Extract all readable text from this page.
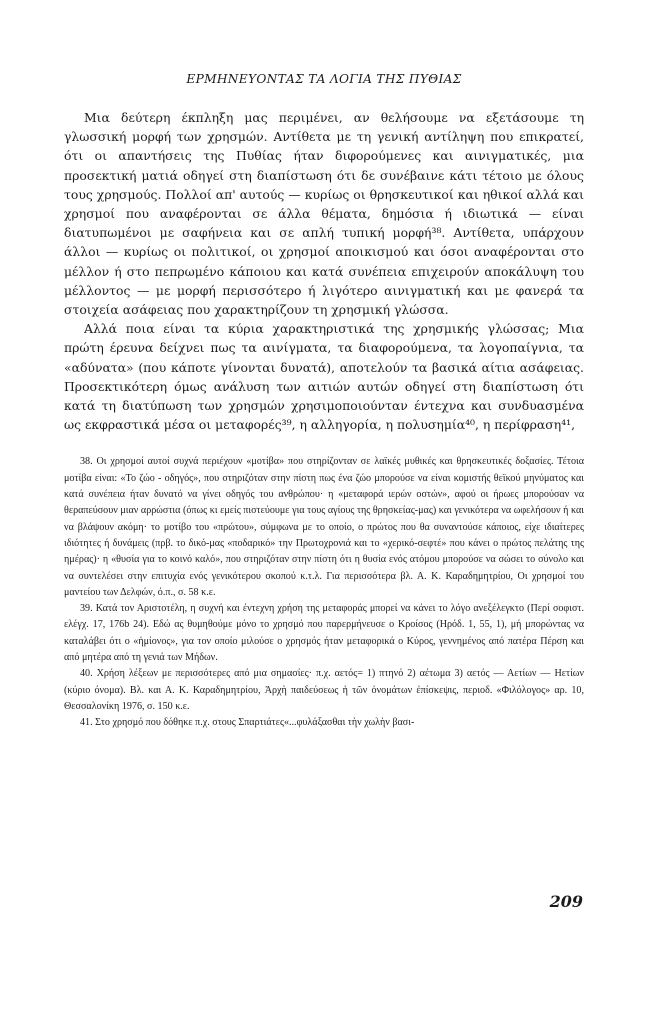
ΕΡΜΗΝΕΥΟΝΤΑΣ ΤΑ ΛΟΓΙΑ ΤΗΣ ΠΥΘΙΑΣ

Μια δεύτερη έκπληξη μας περιμένει, αν θελήσουμε να εξετάσουμε τη γλωσσική μορφή των χρησμών. Αντίθετα με τη γενική αντίληψη που επικρατεί, ότι οι απαντήσεις της Πυθίας ήταν διφορούμενες και αινιγματικές, μια προσεκτική ματιά οδηγεί στη διαπίστωση ότι δε συνέβαινε κάτι τέτοιο με όλους τους χρησμούς. Πολλοί απ' αυτούς — κυρίως οι θρησκευτικοί και ηθικοί αλλά και χρησμοί που αναφέρονται σε άλλα θέματα, δημόσια ή ιδιωτικά — είναι διατυπωμένοι με σαφήνεια και σε απλή τυπική μορφή³⁸. Αντίθετα, υπάρχουν άλλοι — κυρίως οι πολιτικοί, οι χρησμοί αποικισμού και όσοι αναφέρονται στο μέλλον ή στο πεπρωμένο κάποιου και κατά συνέπεια επιχειρούν αποκάλυψη του μέλλοντος — με μορφή περισσότερο ή λιγότερο αινιγματική και με φανερά τα στοιχεία ασάφειας που χαρακτηρίζουν τη χρησμική γλώσσα.

Αλλά ποια είναι τα κύρια χαρακτηριστικά της χρησμικής γλώσσας; Μια πρώτη έρευνα δείχνει πως τα αινίγματα, τα διαφορούμενα, τα λογοπαίγνια, τα «αδύνατα» (που κάποτε γίνονται δυνατά), αποτελούν τα βασικά αίτια ασάφειας. Προσεκτικότερη όμως ανάλυση των αιτιών αυτών οδηγεί στη διαπίστωση ότι κατά τη διατύπωση των χρησμών χρησιμοποιούνταν έντεχνα και συνδυασμένα ως εκφραστικά μέσα οι μεταφορές³⁹, η αλληγορία, η πολυσημία⁴⁰, η περίφραση⁴¹,

38. Οι χρησμοί αυτοί συχνά περιέχουν «μοτίβα» που στηρίζονταν σε λαϊκές μυθικές και θρησκευτικές δοξασίες. Τέτοια μοτίβα είναι: «Το ζώο - οδηγός», που στηριζόταν στην πίστη πως ένα ζώο μπορούσε να είναι κομιστής θεϊκού μηνύματος και κατά συνέπεια ήταν δυνατό να γίνει οδηγός του ανθρώπου· η «μεταφορά ιερών οστών», αφού οι ήρωες μπορούσαν να θεραπεύσουν μιαν αρρώστια (όπως κι εμείς πιστεύουμε για τους αγίους της θρησκείας-μας) και γενικότερα να ωφελήσουν ή και να βλάψουν ακόμη· το μοτίβο του «πρώτου», σύμφωνα με το οποίο, ο πρώτος που θα συναντούσε κάποιος, είχε ιδιαίτερες ιδιότητες ή δυνάμεις (πρβ. το δικό-μας «ποδαρικό» την Πρωτοχρονιά και το «χερικό-σεφτέ» που κάνει ο πρώτος πελάτης της ημέρας)· η «θυσία για το κοινό καλό», που στηριζόταν στην πίστη ότι η θυσία ενός ατόμου μπορούσε να σώσει το σύνολο και να συντελέσει στην επιτυχία ενός γενικότερου σκοπού κ.τ.λ. Για περισσότερα βλ. Α. Κ. Καραδημητρίου, Οι χρησμοί του μαντείου των Δελφών, ό.π., σ. 58 κ.ε.

39. Κατά τον Αριστοτέλη, η συχνή και έντεχνη χρήση της μεταφοράς μπορεί να κάνει το λόγο ανεξέλεγκτο (Περί σοφιστ. ελέγχ. 17, 176b 24). Εδώ ας θυμηθούμε μόνο το χρησμό που παρερμήνευσε ο Κροίσος (Ηρόδ. 1, 55, 1), μή μπορώντας να καταλάβει ότι ο «ἡμίονος», για τον οποίο μιλούσε ο χρησμός ήταν μεταφορικά ο Κύρος, γεννημένος από πατέρα Πέρση και από μητέρα από τη γενιά των Μήδων.

40. Χρήση λέξεων με περισσότερες από μια σημασίες· π.χ. αετός= 1) πτηνό 2) αέτωμα 3) αετός — Αετίων — Ηετίων (κύριο όνομα). Βλ. και Α. Κ. Καραδημητρίου, Ἀρχὴ παιδεύσεως ἡ τῶν ὀνομάτων ἐπίσκεψις, περιοδ. «Φιλόλογος» αρ. 10, Θεσσαλονίκη 1976, σ. 150 κ.ε.

41. Στο χρησμό που δόθηκε π.χ. στους Σπαρτιάτες«...φυλάξασθαι τὴν χωλὴν βασι-

209
